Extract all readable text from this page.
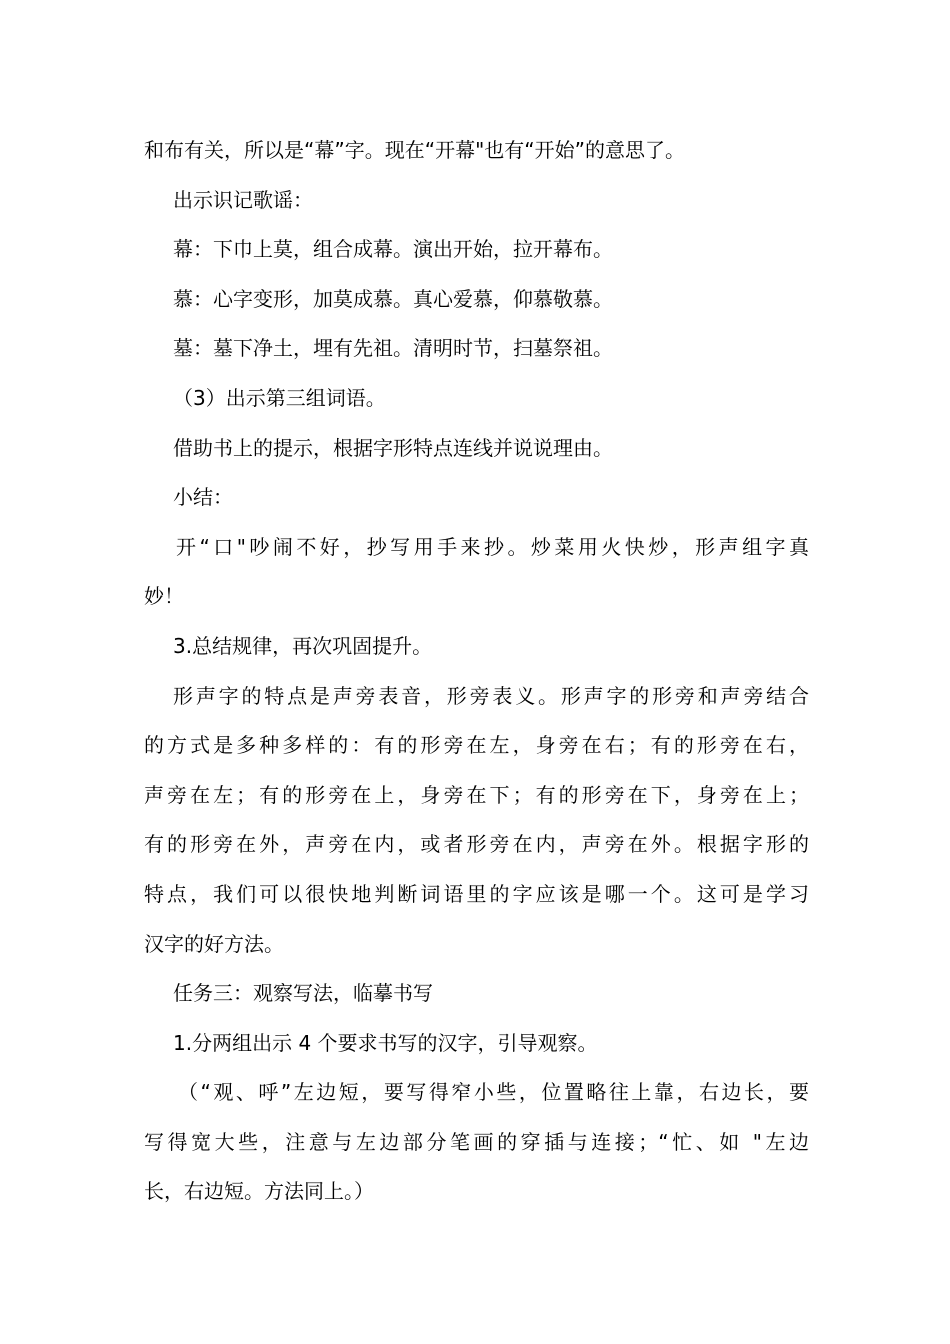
和布有关，所以是“幕”字。现在“开幕"也有“开始”的意思了。
出示识记歌谣：
幕：下巾上莫，组合成幕。演出开始，拉开幕布。
慕：心字变形，加莫成慕。真心爱慕，仰慕敬慕。
墓：墓下净土，埋有先祖。清明时节，扫墓祭祖。
（3）出示第三组词语。
借助书上的提示，根据字形特点连线并说说理由。
小结：
开“口"吵闹不好，抄写用手来抄。炒菜用火快炒，形声组字真
妙！
3.总结规律，再次巩固提升。
形声字的特点是声旁表音，形旁表义。形声字的形旁和声旁结合
的方式是多种多样的：有的形旁在左，身旁在右；有的形旁在右，
声旁在左；有的形旁在上，身旁在下；有的形旁在下，身旁在上；
有的形旁在外，声旁在内，或者形旁在内，声旁在外。根据字形的
特点，我们可以很快地判断词语里的字应该是哪一个。这可是学习
汉字的好方法。
任务三：观察写法，临摹书写
1.分两组出示 4 个要求书写的汉字，引导观察。
（“观、呼”左边短，要写得窄小些，位置略往上靠，右边长，要
写得宽大些，注意与左边部分笔画的穿插与连接；“忙、如 "左边
长，右边短。方法同上。）
